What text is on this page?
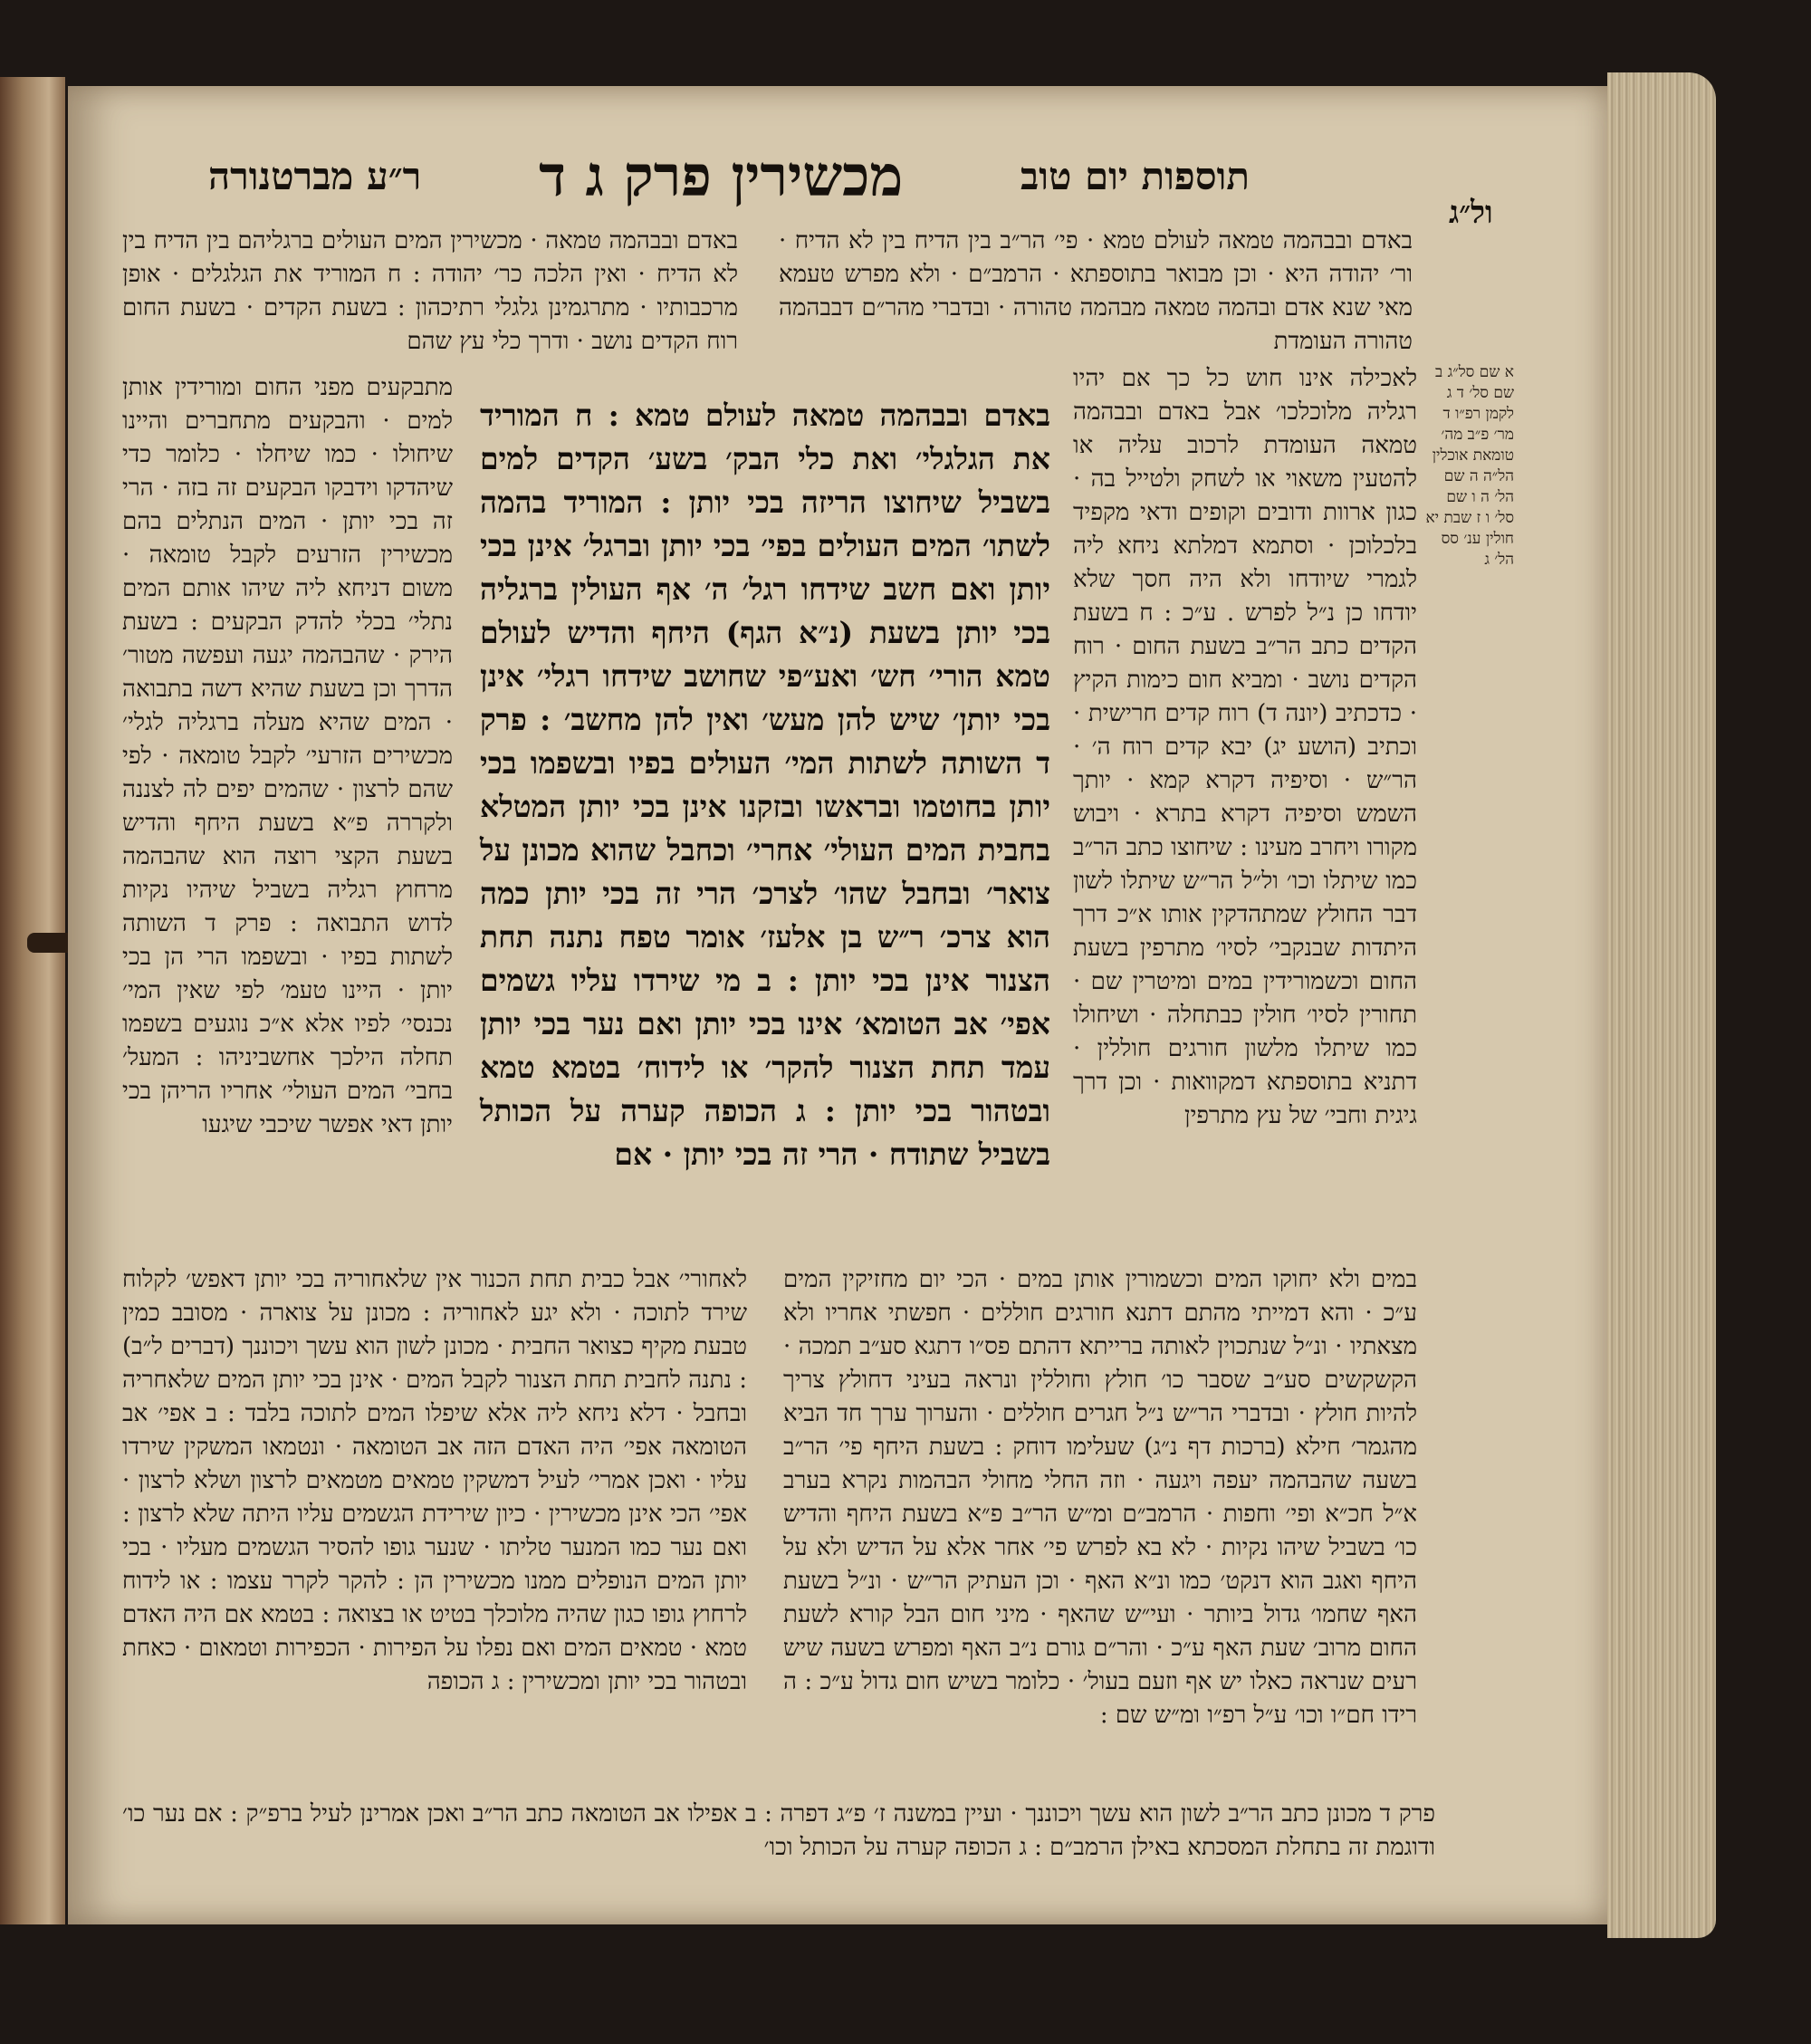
תוספות יום טוב
מכשירין פרק ג ד
ר״ע מברטנורה
ול״ג
באדם ובבהמה טמאה לעולם טמא · פי׳ הר״ב בין הדיח בין לא הדיח · ור׳ יהודה היא · וכן מבואר בתוספתא · הרמב״ם · ולא מפרש טעמא מאי שנא אדם ובהמה טמאה מבהמה טהורה · ובדברי מהר״ם דבבהמה טהורה העומדת
באדם ובבהמה טמאה · מכשירין המים העולים ברגליהם בין הדיח בין לא הדיח · ואין הלכה כר׳ יהודה : ח המוריד את הגלגלים · אופן מרכבותיו · מתרגמינן גלגלי רתיכהון : בשעת הקדים · בשעת החום רוח הקדים נושב · ודרך כלי עץ שהם
לאכילה אינו חוש כל כך אם יהיו רגליה מלוכלכו׳ אבל באדם ובבהמה טמאה העומדת לרכוב עליה או להטעין משאוי או לשחק ולטייל בה · כגון ארוות ודובים וקופים ודאי מקפיד בלכלוכן · וסתמא דמלתא ניחא ליה לגמרי שיודחו ולא היה חסך שלא יודחו כן נ״ל לפרש . ע״כ : ח בשעת הקדים כתב הר״ב בשעת החום · רוח הקדים נושב · ומביא חום כימות הקיץ · כדכתיב (יונה ד) רוח קדים חרישית · וכתיב (הושע יג) יבא קדים רוח ה׳ · הר״ש · וסיפיה דקרא קמא · יותך השמש וסיפיה דקרא בתרא · ויבוש מקורו ויחרב מעינו : שיחוצו כתב הר״ב כמו שיתלו וכו׳ ול״ל הר״ש שיתלו לשון דבר החולץ שמתהדקין אותו א״כ דרך היתדות שבנקבי׳ לסיו׳ מתרפין בשעת החום וכשמורידין במים ומיטרין שם · תחורין לסיו׳ חולין כבתחלה · ושיחולו כמו שיתלו מלשון חורגים חוללין · דתניא בתוספתא דמקוואות · וכן דרך גיגית וחבי׳ של עץ מתרפין
מתבקעים מפני החום ומורידין אותן למים · והבקעים מתחברים והיינו שיחולו · כמו שיחלו · כלומר כדי שיהדקו וידבקו הבקעים זה בזה · הרי זה בכי יותן · המים הנתלים בהם מכשירין הזרעים לקבל טומאה · משום דניחא ליה שיהו אותם המים נתלי׳ בכלי להדק הבקעים : בשעת הירק · שהבהמה יגעה ועפשה מטור׳ הדרך וכן בשעת שהיא דשה בתבואה · המים שהיא מעלה ברגליה לגלי׳ מכשירים הזרעי׳ לקבל טומאה · לפי שהם לרצון · שהמים יפים לה לצננה ולקררה פ״א בשעת היחף והדיש בשעת הקצי רוצה הוא שהבהמה מרחוץ רגליה בשביל שיהיו נקיות לדוש התבואה : פרק ד השותה לשתות בפיו · ובשפמו הרי הן בכי יותן · היינו טעמ׳ לפי שאין המי׳ נכנסי׳ לפיו אלא א״כ נוגעים בשפמו תחלה הילכך אחשביניהו : המעל׳ בחבי׳ המים העולי׳ אחריו הריהן בכי יותן דאי אפשר שיכבי שיגעו
באדם ובבהמה טמאה לעולם טמא : ח המוריד את הגלגלי׳ ואת כלי הבק׳ בשע׳ הקדים למים בשביל שיחוצו הריזה בכי יותן : המוריד בהמה לשתו׳ המים העולים בפי׳ בכי יותן וברגל׳ אינן בכי יותן ואם חשב שידחו רגל׳ ה׳ אף העולין ברגליה בכי יותן בשעת (נ״א הגף) היחף והדיש לעולם טמא הורי׳ חש׳ ואע״פי שחושב שידחו רגלי׳ אינן בכי יותן׳ שיש להן מעש׳ ואין להן מחשב׳ : פרק ד השותה לשתות המי׳ העולים בפיו ובשפמו בכי יותן בחוטמו ובראשו ובזקנו אינן בכי יותן המטלא בחבית המים העולי׳ אחרי׳ וכחבל שהוא מכונן על צואר׳ ובחבל שהו׳ לצרכ׳ הרי זה בכי יותן כמה הוא צרכ׳ ר״ש בן אלעז׳ אומר טפח נתנה תחת הצנור אינן בכי יותן : ב מי שירדו עליו גשמים אפי׳ אב הטומא׳ אינו בכי יותן ואם נער בכי יותן עמד תחת הצנור להקר׳ או לידוח׳ בטמא טמא ובטהור בכי יותן : ג הכופה קערה על הכותל בשביל שתודח · הרי זה בכי יותן · אם
לאחורי׳ אבל כבית תחת הכנור אין שלאחוריה בכי יותן דאפש׳ לקלוח שירד לתוכה · ולא יגע לאחוריה : מכונן על צוארה · מסובב כמין טבעת מקיף כצואר החבית · מכונן לשון הוא עשך ויכוננך (דברים ל״ב) : נתנה לחבית תחת הצנור לקבל המים · אינן בכי יותן המים שלאחריה ובחבל · דלא ניחא ליה אלא שיפלו המים לתוכה בלבד : ב אפי׳ אב הטומאה אפי׳ היה האדם הזה אב הטומאה · ונטמאו המשקין שירדו עליו · ואכן אמרי׳ לעיל דמשקין טמאים מטמאים לרצון ושלא לרצון · אפי׳ הכי אינן מכשירין · כיון שירידת הגשמים עליו היתה שלא לרצון : ואם נער כמו המנער טליתו · שנער גופו להסיר הגשמים מעליו · בכי יותן המים הנופלים ממנו מכשירין הן : להקר לקרר עצמו : או לידוח לרחוץ גופו כגון שהיה מלוכלך בטיט או בצואה : בטמא אם היה האדם טמא · טמאים המים ואם נפלו על הפירות · הכפירות וטמאום · כאחת ובטהור בכי יותן ומכשירין : ג הכופה
במים ולא יחוקו המים וכשמורין אותן במים · הכי יום מחזיקין המים ע״כ · והא דמייתי מהתם דתנא חורגים חוללים · חפשתי אחריו ולא מצאתיו · ונ״ל שנתכוין לאותה ברייתא דהתם פס״ו דתגא סע״ב תמכה · הקשקשים סע״ב שסבר כו׳ חולץ וחוללין ונראה בעיני דחולץ צריך להיות חולץ · ובדברי הר״ש נ״ל חגרים חוללים · והערוך ערך חד הביא מהגמר׳ חילא (ברכות דף נ״ג) שעלימו דוחק : בשעת היחף פי׳ הר״ב בשעה שהבהמה יעפה ויגעה · וזה החלי מחולי הבהמות נקרא בערב א״ל חכ״א ופי׳ וחפות · הרמב״ם ומ״ש הר״ב פ״א בשעת היחף והדיש כו׳ בשביל שיהו נקיות · לא בא לפרש פי׳ אחר אלא על הדיש ולא על היחף ואגב הוא דנקט׳ כמו ונ״א האף · וכן העתיק הר״ש · ונ״ל בשעת האף שחמו׳ גדול ביותר · ועי״ש שהאף · מיני חום הבל קורא לשעת החום מרוב׳ שעת האף ע״כ · והר״ם גורם נ״ב האף ומפרש בשעה שיש רעים שנראה כאלו יש אף וזעם בעול׳ · כלומר בשיש חום גדול ע״כ : ה רידו חם״ו וכו׳ ע״ל רפ״ו ומ״ש שם :
פרק ד מכונן כתב הר״ב לשון הוא עשך ויכוננך · ועיין במשנה ז׳ פ״ג דפרה : ב אפילו אב הטומאה כתב הר״ב ואכן אמרינן לעיל ברפ״ק : אם נער כו׳ ודוגמת זה בתחלת המסכתא באילן הרמב״ם : ג הכופה קערה על הכותל וכו׳
א שם סל״ג ב שם סל׳ ד ג לקמן רפ״ו ד מר׳ פ״ב מה׳ טומאת אוכלין הל״ה ה שם הל׳ ה ו שם סל׳ ו ז שבת יא חולין ענ׳ סס הל׳ ג
